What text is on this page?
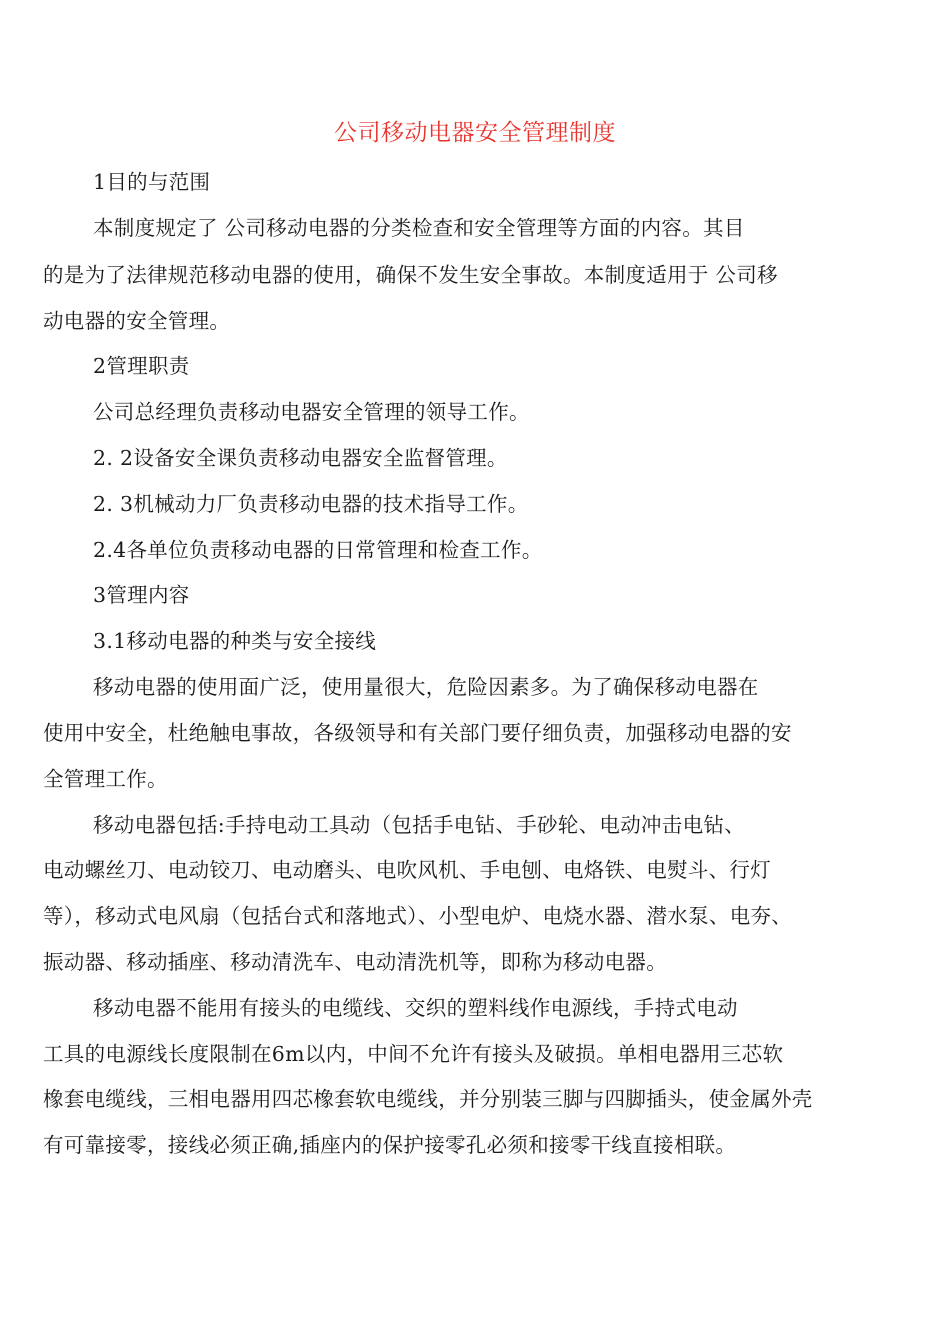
公司移动电器安全管理制度
1目的与范围
本制度规定了 公司移动电器的分类检查和安全管理等方面的内容。其目
的是为了法律规范移动电器的使用，确保不发生安全事故。本制度适用于 公司移
动电器的安全管理。
2管理职责
公司总经理负责移动电器安全管理的领导工作。
2. 2设备安全课负责移动电器安全监督管理。
2. 3机械动力厂负责移动电器的技术指导工作。
2.4各单位负责移动电器的日常管理和检查工作。
3管理内容
3.1移动电器的种类与安全接线
移动电器的使用面广泛，使用量很大，危险因素多。为了确保移动电器在
使用中安全，杜绝触电事故，各级领导和有关部门要仔细负责，加强移动电器的安
全管理工作。
移动电器包括:手持电动工具动（包括手电钻、手砂轮、电动冲击电钻、
电动螺丝刀、电动铰刀、电动磨头、电吹风机、手电刨、电烙铁、电熨斗、行灯
等），移动式电风扇（包括台式和落地式）、小型电炉、电烧水器、潜水泵、电夯、
振动器、移动插座、移动清洗车、电动清洗机等，即称为移动电器。
移动电器不能用有接头的电缆线、交织的塑料线作电源线，手持式电动
工具的电源线长度限制在6m以内，中间不允许有接头及破损。单相电器用三芯软
橡套电缆线，三相电器用四芯橡套软电缆线，并分别装三脚与四脚插头，使金属外壳
有可靠接零，接线必须正确,插座内的保护接零孔必须和接零干线直接相联。
